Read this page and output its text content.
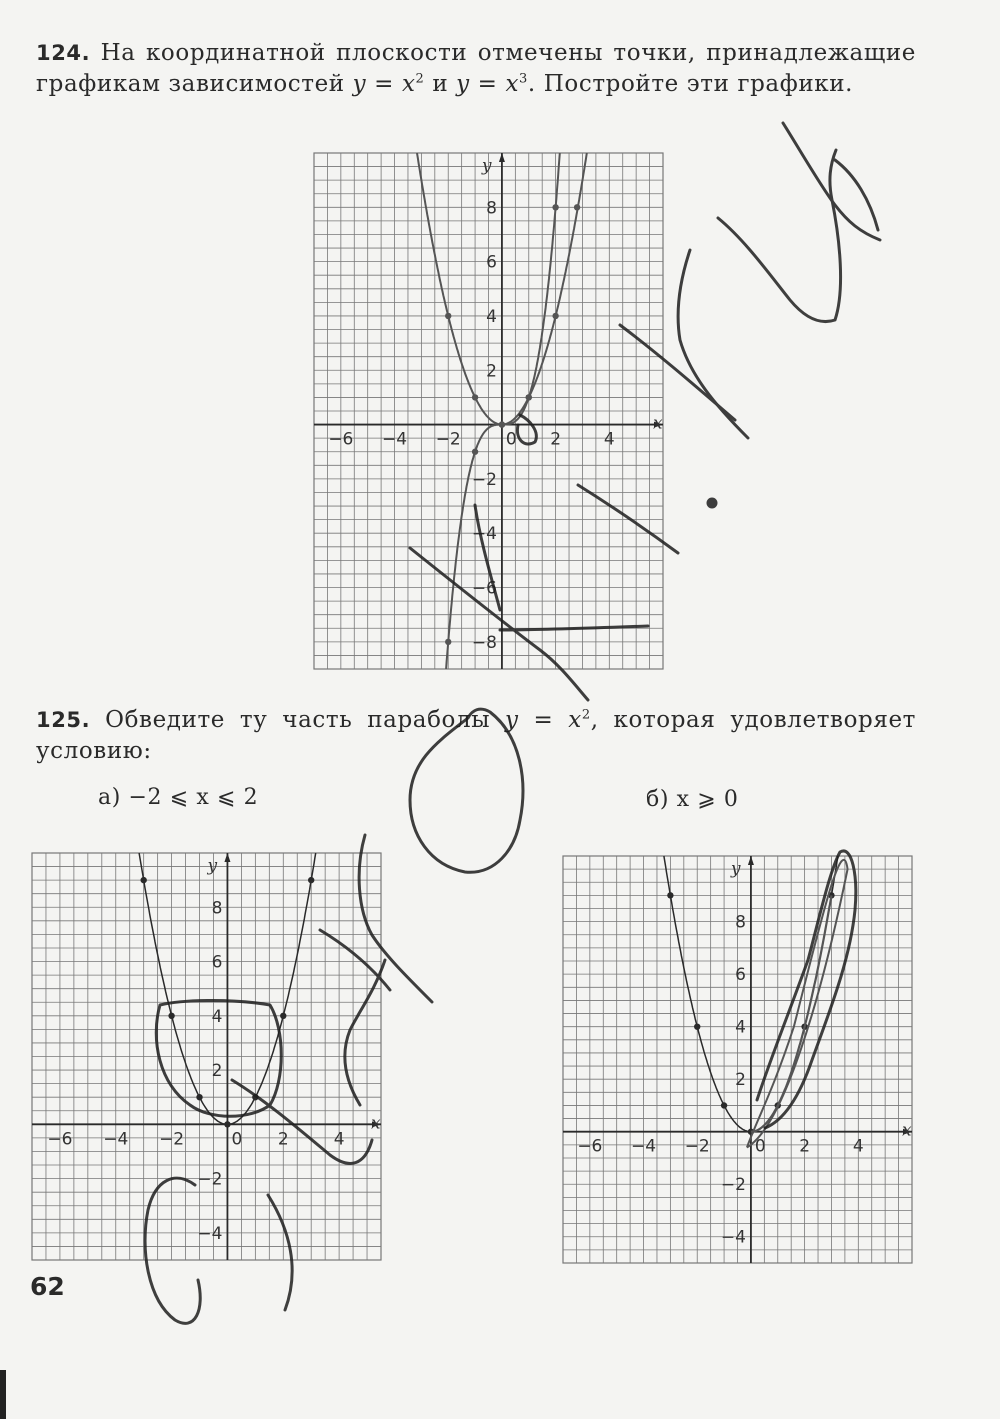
124. На координатной плоскости отмечены точки, принадлежащие графикам зависимостей $y = x^2$ и $y = x^3$. Постройте эти графики.
−6 −4 −2	2	4
8
6
4
2
−2
−4
−6
−8
0
x
y
125. Обведите ту часть параболы $y = x^2$, которая удовлетворяет условию:
а) −2 ⩽ x ⩽ 2	б) x ⩾ 0
−6 −4 −2	2	4
8
6
4
2
−2
−4
0
x
y
−6 −4 −2	2	4
8
6
4
2
−2
−4
0
x
y
62
